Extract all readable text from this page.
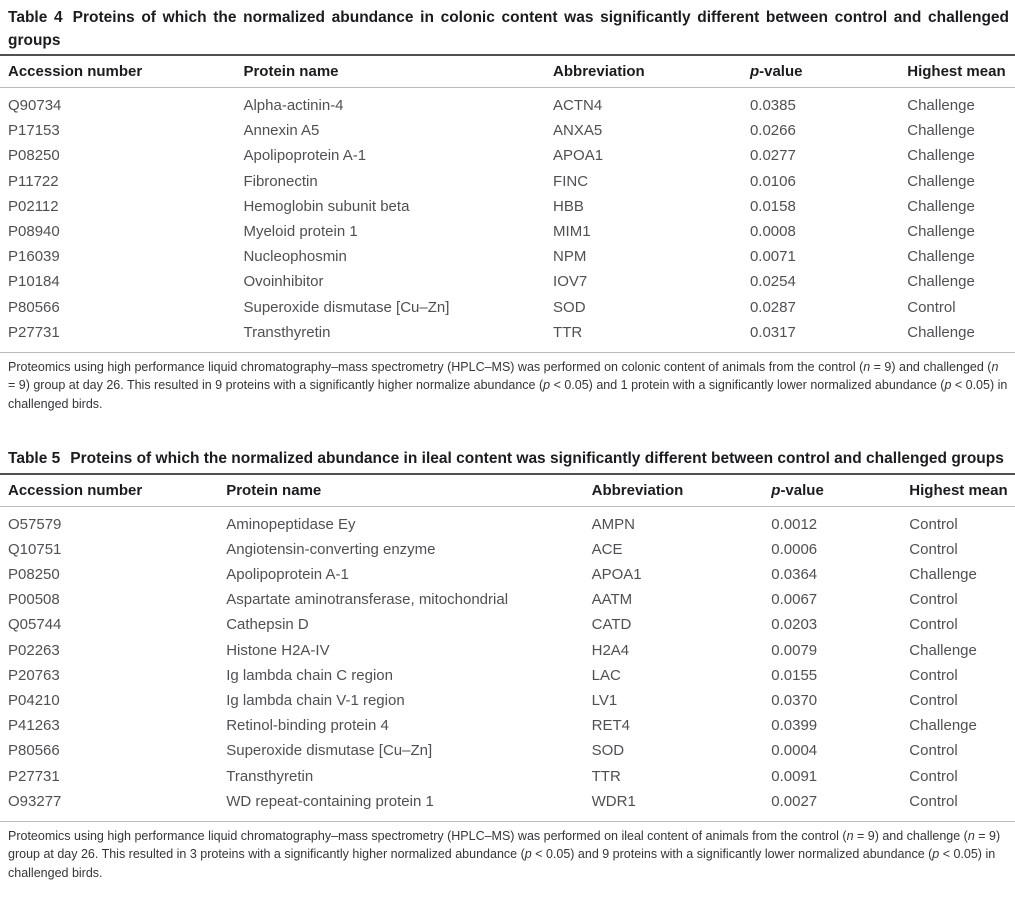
Table 4 Proteins of which the normalized abundance in colonic content was significantly different between control and challenged groups
Accession number	Protein name	Abbreviation	p-value	Highest mean
Q90734	Alpha-actinin-4	ACTN4	0.0385	Challenge
P17153	Annexin A5	ANXA5	0.0266	Challenge
P08250	Apolipoprotein A-1	APOA1	0.0277	Challenge
P11722	Fibronectin	FINC	0.0106	Challenge
P02112	Hemoglobin subunit beta	HBB	0.0158	Challenge
P08940	Myeloid protein 1	MIM1	0.0008	Challenge
P16039	Nucleophosmin	NPM	0.0071	Challenge
P10184	Ovoinhibitor	IOV7	0.0254	Challenge
P80566	Superoxide dismutase [Cu–Zn]	SOD	0.0287	Control
P27731	Transthyretin	TTR	0.0317	Challenge

Proteomics using high performance liquid chromatography–mass spectrometry (HPLC–MS) was performed on colonic content of animals from the control (n = 9) and challenged (n = 9) group at day 26. This resulted in 9 proteins with a significantly higher normalize abundance (p < 0.05) and 1 protein with a significantly lower normalized abundance (p < 0.05) in challenged birds.

Table 5 Proteins of which the normalized abundance in ileal content was significantly different between control and challenged groups
Accession number	Protein name	Abbreviation	p-value	Highest mean
O57579	Aminopeptidase Ey	AMPN	0.0012	Control
Q10751	Angiotensin-converting enzyme	ACE	0.0006	Control
P08250	Apolipoprotein A-1	APOA1	0.0364	Challenge
P00508	Aspartate aminotransferase, mitochondrial	AATM	0.0067	Control
Q05744	Cathepsin D	CATD	0.0203	Control
P02263	Histone H2A-IV	H2A4	0.0079	Challenge
P20763	Ig lambda chain C region	LAC	0.0155	Control
P04210	Ig lambda chain V-1 region	LV1	0.0370	Control
P41263	Retinol-binding protein 4	RET4	0.0399	Challenge
P80566	Superoxide dismutase [Cu–Zn]	SOD	0.0004	Control
P27731	Transthyretin	TTR	0.0091	Control
O93277	WD repeat-containing protein 1	WDR1	0.0027	Control

Proteomics using high performance liquid chromatography–mass spectrometry (HPLC–MS) was performed on ileal content of animals from the control (n = 9) and challenge (n = 9) group at day 26. This resulted in 3 proteins with a significantly higher normalized abundance (p < 0.05) and 9 proteins with a significantly lower normalized abundance (p < 0.05) in challenged birds.
